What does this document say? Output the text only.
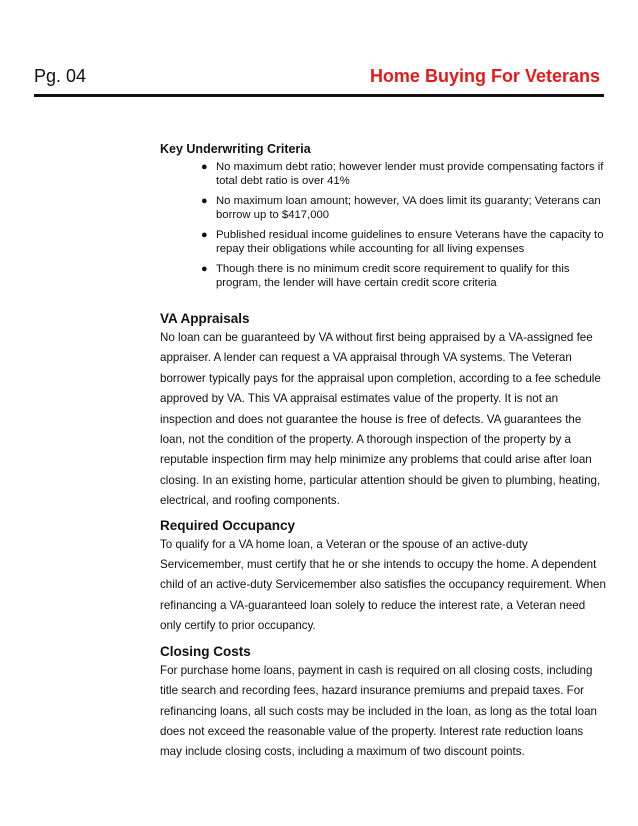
Pg. 04	Home Buying For Veterans
Key Underwriting Criteria
● No maximum debt ratio; however lender must provide compensating factors if total debt ratio is over 41%
● No maximum loan amount; however, VA does limit its guaranty; Veterans can borrow up to $417,000
● Published residual income guidelines to ensure Veterans have the capacity to repay their obligations while accounting for all living expenses
● Though there is no minimum credit score requirement to qualify for this program, the lender will have certain credit score criteria
VA Appraisals

No loan can be guaranteed by VA without first being appraised by a VA-assigned fee appraiser. A lender can request a VA appraisal through VA systems. The Veteran borrower typically pays for the appraisal upon completion, according to a fee schedule approved by VA. This VA appraisal estimates value of the property. It is not an inspection and does not guarantee the house is free of defects. VA guarantees the loan, not the condition of the property. A thorough inspection of the property by a reputable inspection firm may help minimize any problems that could arise after loan closing. In an existing home, particular attention should be given to plumbing, heating, electrical, and roofing components.

Required Occupancy

To qualify for a VA home loan, a Veteran or the spouse of an active-duty Servicemember, must certify that he or she intends to occupy the home. A dependent child of an active-duty Servicemember also satisfies the occupancy requirement. When refinancing a VA-guaranteed loan solely to reduce the interest rate, a Veteran need only certify to prior occupancy.

Closing Costs

For purchase home loans, payment in cash is required on all closing costs, including title search and recording fees, hazard insurance premiums and prepaid taxes. For refinancing loans, all such costs may be included in the loan, as long as the total loan does not exceed the reasonable value of the property. Interest rate reduction loans may include closing costs, including a maximum of two discount points.
